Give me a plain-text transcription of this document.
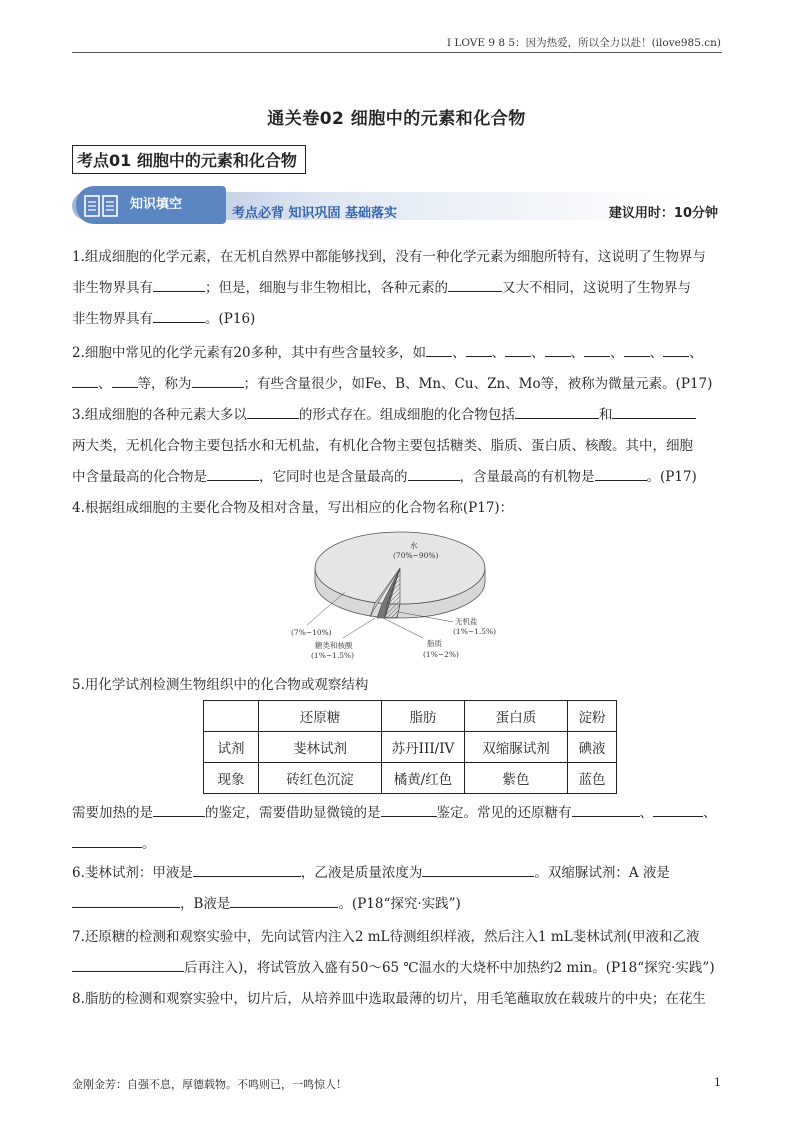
I LOVE 9 8 5：因为热爱，所以全力以赴！(ilove985.cn)
通关卷02 细胞中的元素和化合物
考点01 细胞中的元素和化合物
知识填空
考点必背 知识巩固 基础落实	建议用时：10分钟
1.组成细胞的化学元素，在无机自然界中都能够找到，没有一种化学元素为细胞所特有，这说明了生物界与
非生物界具有	；但是，细胞与非生物相比，各种元素的	又大不相同，这说明了生物界与
非生物界具有	。(P16)
2.细胞中常见的化学元素有20多种，其中有些含量较多，如 、 、 、 、 、 、 、
、 等，称为	；有些含量很少，如Fe、B、Mn、Cu、Zn、Mo等，被称为微量元素。(P17)
3.组成细胞的各种元素大多以	的形式存在。组成细胞的化合物包括	和
两大类，无机化合物主要包括水和无机盐，有机化合物主要包括糖类、脂质、蛋白质、核酸。其中，细胞
中含量最高的化合物是	，它同时也是含量最高的	，含量最高的有机物是	。(P17)
4.根据组成细胞的主要化合物及相对含量，写出相应的化合物名称(P17)：
水
(70%~90%)
(7%~10%)
糖类和核酸
(1%~1.5%)
脂质
(1%~2%)
无机盐
(1%~1.5%)
5.用化学试剂检测生物组织中的化合物或观察结构
	还原糖	脂肪	蛋白质	淀粉
试剂	斐林试剂	苏丹III/IV	双缩脲试剂	碘液
现象	砖红色沉淀	橘黄/红色	紫色	蓝色
需要加热的是	的鉴定，需要借助显微镜的是	鉴定。常见的还原糖有	、	、
。
6.斐林试剂：甲液是	，乙液是质量浓度为	。双缩脲试剂：A 液是
，B液是	。(P18“探究·实践”)
7.还原糖的检测和观察实验中，先向试管内注入2 mL待测组织样液，然后注入1 mL斐林试剂(甲液和乙液
后再注入)，将试管放入盛有50～65 ℃温水的大烧杯中加热约2 min。(P18“探究·实践”)
8.脂肪的检测和观察实验中，切片后，从培养皿中选取最薄的切片，用毛笔蘸取放在载玻片的中央；在花生
金刚金芳：自强不息，厚德载物。不鸣则已，一鸣惊人！	1
